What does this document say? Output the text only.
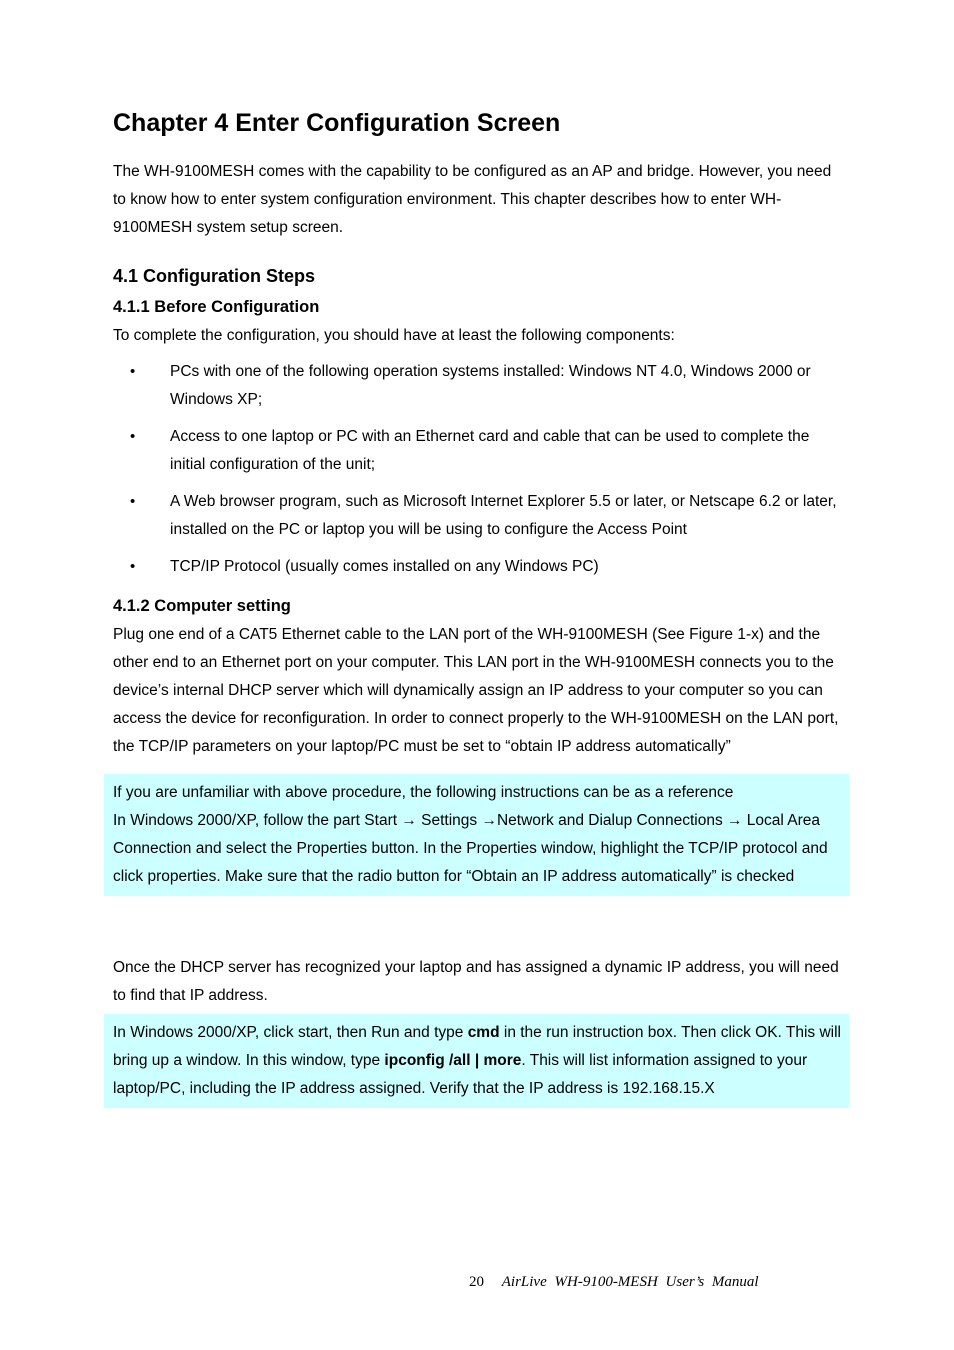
Chapter 4 Enter Configuration Screen

The WH-9100MESH comes with the capability to be configured as an AP and bridge. However, you need to know how to enter system configuration environment. This chapter describes how to enter WH-9100MESH system setup screen.

4.1 Configuration Steps
4.1.1 Before Configuration

To complete the configuration, you should have at least the following components:

• PCs with one of the following operation systems installed: Windows NT 4.0, Windows 2000 or Windows XP;
• Access to one laptop or PC with an Ethernet card and cable that can be used to complete the initial configuration of the unit;
• A Web browser program, such as Microsoft Internet Explorer 5.5 or later, or Netscape 6.2 or later, installed on the PC or laptop you will be using to configure the Access Point
• TCP/IP Protocol (usually comes installed on any Windows PC)
4.1.2 Computer setting

Plug one end of a CAT5 Ethernet cable to the LAN port of the WH-9100MESH (See Figure 1-x) and the other end to an Ethernet port on your computer. This LAN port in the WH-9100MESH connects you to the device’s internal DHCP server which will dynamically assign an IP address to your computer so you can access the device for reconfiguration. In order to connect properly to the WH-9100MESH on the LAN port, the TCP/IP parameters on your laptop/PC must be set to “obtain IP address automatically”

If you are unfamiliar with above procedure, the following instructions can be as a reference

In Windows 2000/XP, follow the part Start → Settings →Network and Dialup Connections → Local Area Connection and select the Properties button. In the Properties window, highlight the TCP/IP protocol and click properties. Make sure that the radio button for “Obtain an IP address automatically” is checked

Once the DHCP server has recognized your laptop and has assigned a dynamic IP address, you will need to find that IP address.

In Windows 2000/XP, click start, then Run and type cmd in the run instruction box. Then click OK. This will bring up a window. In this window, type ipconfig /all | more. This will list information assigned to your laptop/PC, including the IP address assigned. Verify that the IP address is 192.168.15.X

20 AirLive WH-9100-MESH User’s Manual
